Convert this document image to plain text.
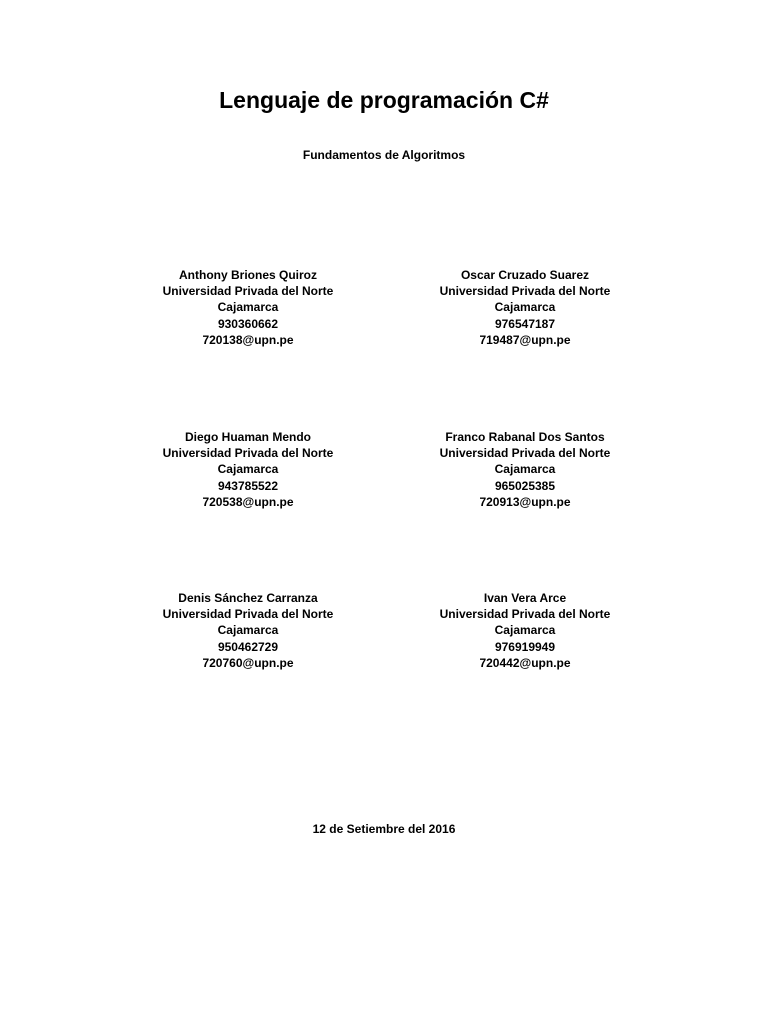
Lenguaje de programación C#
Fundamentos de Algoritmos
Anthony Briones Quiroz
Universidad Privada del Norte
Cajamarca
930360662
720138@upn.pe
Oscar Cruzado Suarez
Universidad Privada del Norte
Cajamarca
976547187
719487@upn.pe
Diego Huaman Mendo
Universidad Privada del Norte
Cajamarca
943785522
720538@upn.pe
Franco Rabanal Dos Santos
Universidad Privada del Norte
Cajamarca
965025385
720913@upn.pe
Denis Sánchez Carranza
Universidad Privada del Norte
Cajamarca
950462729
720760@upn.pe
Ivan Vera Arce
Universidad Privada del Norte
Cajamarca
976919949
720442@upn.pe
12 de Setiembre del 2016
